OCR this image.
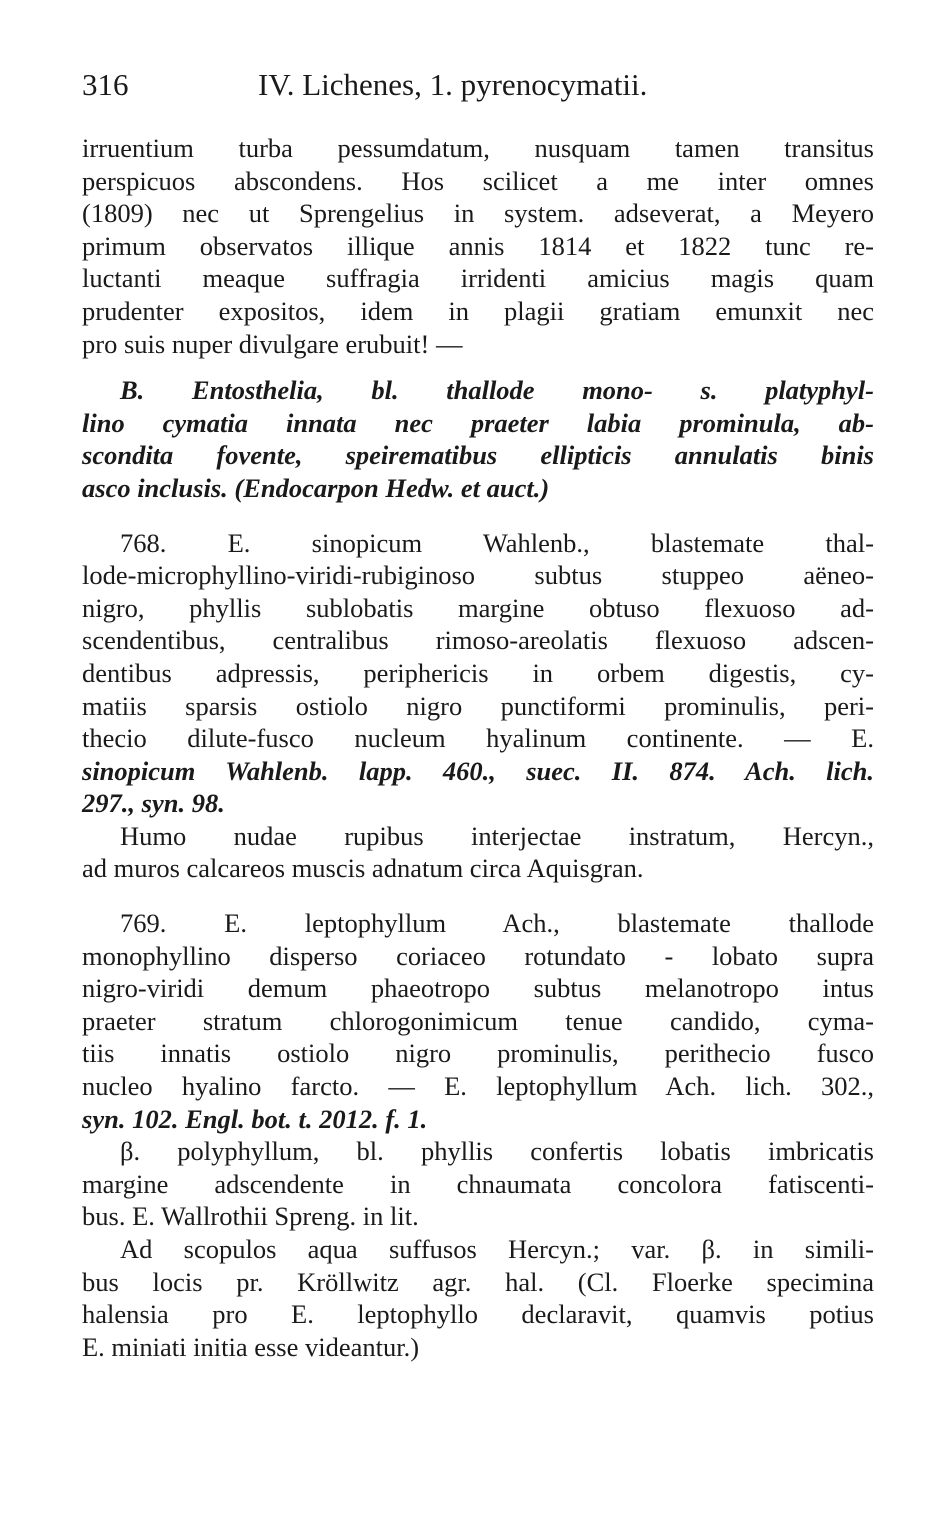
316	IV. Lichenes, 1. pyrenocymatii.
irruentium turba pessumdatum, nusquam tamen transitus
perspicuos abscondens. Hos scilicet a me inter omnes
(1809) nec ut Sprengelius in system. adseverat, a Meyero
primum observatos illique annis 1814 et 1822 tunc re-
luctanti meaque suffragia irridenti amicius magis quam
prudenter expositos, idem in plagii gratiam emunxit nec
pro suis nuper divulgare erubuit! —
B. Entosthelia, bl. thallode mono- s. platyphyl-
lino cymatia innata nec praeter labia prominula, ab-
scondita fovente, speirematibus ellipticis annulatis binis
asco inclusis. (Endocarpon Hedw. et auct.)
768. E. sinopicum Wahlenb., blastemate thal-
lode-microphyllino-viridi-rubiginoso subtus stuppeo aëneo-
nigro, phyllis sublobatis margine obtuso flexuoso ad-
scendentibus, centralibus rimoso-areolatis flexuoso adscen-
dentibus adpressis, periphericis in orbem digestis, cy-
matiis sparsis ostiolo nigro punctiformi prominulis, peri-
thecio dilute-fusco nucleum hyalinum continente. — E.
sinopicum Wahlenb. lapp. 460., suec. II. 874. Ach. lich.
297., syn. 98.
Humo nudae rupibus interjectae instratum, Hercyn.,
ad muros calcareos muscis adnatum circa Aquisgran.
769. E. leptophyllum Ach., blastemate thallode
monophyllino disperso coriaceo rotundato - lobato supra
nigro-viridi demum phaeotropo subtus melanotropo intus
praeter stratum chlorogonimicum tenue candido, cyma-
tiis innatis ostiolo nigro prominulis, perithecio fusco
nucleo hyalino farcto. — E. leptophyllum Ach. lich. 302.,
syn. 102. Engl. bot. t. 2012. f. 1.
β. polyphyllum, bl. phyllis confertis lobatis imbricatis
margine adscendente in chnaumata concolora fatiscenti-
bus. E. Wallrothii Spreng. in lit.
Ad scopulos aqua suffusos Hercyn.; var. β. in simili-
bus locis pr. Kröllwitz agr. hal. (Cl. Floerke specimina
halensia pro E. leptophyllo declaravit, quamvis potius
E. miniati initia esse videantur.)
